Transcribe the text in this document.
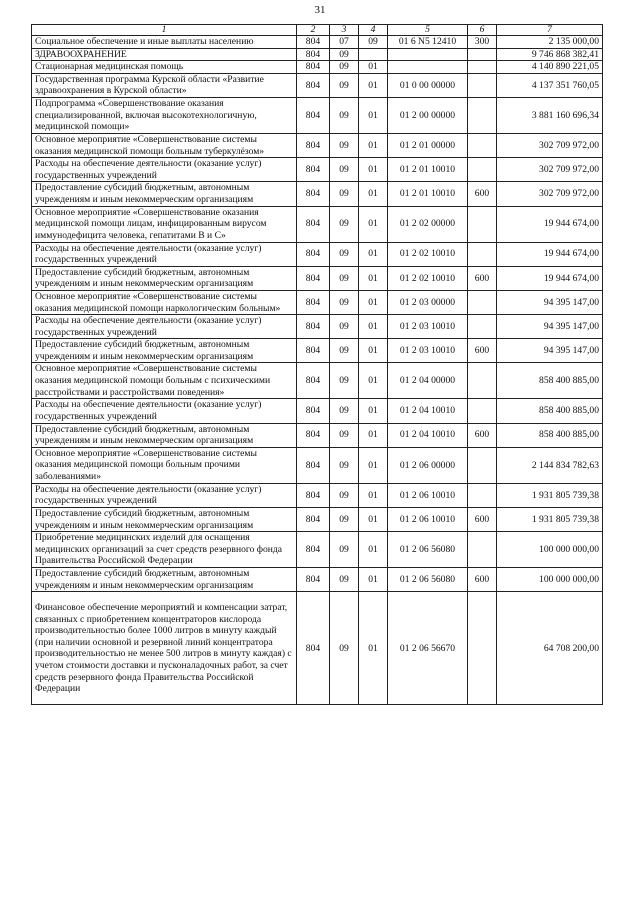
31
1	2	3	4	5	6	7
Социальное обеспечение и иные выплаты населению	804	07	09	01 6 N5 12410	300	2 135 000,00
ЗДРАВООХРАНЕНИЕ	804	09				9 746 868 382,41
Стационарная медицинская помощь	804	09	01			4 140 890 221,05
Государственная программа Курской области «Развитие здравоохранения в Курской области»	804	09	01	01 0 00 00000		4 137 351 760,05
Подпрограмма «Совершенствование оказания специализированной, включая высокотехнологичную, медицинской помощи»	804	09	01	01 2 00 00000		3 881 160 696,34
Основное мероприятие «Совершенствование системы оказания медицинской помощи больным туберкулёзом»	804	09	01	01 2 01 00000		302 709 972,00
Расходы на обеспечение деятельности (оказание услуг) государственных учреждений	804	09	01	01 2 01 10010		302 709 972,00
Предоставление субсидий бюджетным, автономным учреждениям и иным некоммерческим организациям	804	09	01	01 2 01 10010	600	302 709 972,00
Основное мероприятие «Совершенствование оказания медицинской помощи лицам, инфицированным вирусом иммунодефицита человека, гепатитами В и С»	804	09	01	01 2 02 00000		19 944 674,00
Расходы на обеспечение деятельности (оказание услуг) государственных учреждений	804	09	01	01 2 02 10010		19 944 674,00
Предоставление субсидий бюджетным, автономным учреждениям и иным некоммерческим организациям	804	09	01	01 2 02 10010	600	19 944 674,00
Основное мероприятие «Совершенствование системы оказания медицинской помощи наркологическим больным»	804	09	01	01 2 03 00000		94 395 147,00
Расходы на обеспечение деятельности (оказание услуг) государственных учреждений	804	09	01	01 2 03 10010		94 395 147,00
Предоставление субсидий бюджетным, автономным учреждениям и иным некоммерческим организациям	804	09	01	01 2 03 10010	600	94 395 147,00
Основное мероприятие «Совершенствование системы оказания медицинской помощи больным с психическими расстройствами и расстройствами поведения»	804	09	01	01 2 04 00000		858 400 885,00
Расходы на обеспечение деятельности (оказание услуг) государственных учреждений	804	09	01	01 2 04 10010		858 400 885,00
Предоставление субсидий бюджетным, автономным учреждениям и иным некоммерческим организациям	804	09	01	01 2 04 10010	600	858 400 885,00
Основное мероприятие «Совершенствование системы оказания медицинской помощи больным прочими заболеваниями»	804	09	01	01 2 06 00000		2 144 834 782,63
Расходы на обеспечение деятельности (оказание услуг) государственных учреждений	804	09	01	01 2 06 10010		1 931 805 739,38
Предоставление субсидий бюджетным, автономным учреждениям и иным некоммерческим организациям	804	09	01	01 2 06 10010	600	1 931 805 739,38
Приобретение медицинских изделий для оснащения медицинских организаций за счет средств резервного фонда Правительства Российской Федерации	804	09	01	01 2 06 56080		100 000 000,00
Предоставление субсидий бюджетным, автономным учреждениям и иным некоммерческим организациям	804	09	01	01 2 06 56080	600	100 000 000,00
Финансовое обеспечение мероприятий и компенсации затрат, связанных с приобретением концентраторов кислорода производительностью более 1000 литров в минуту каждый (при наличии основной и резервной линий концентратора производительностью не менее 500 литров в минуту каждая) с учетом стоимости доставки и пусконаладочных работ, за счет средств резервного фонда Правительства Российской Федерации	804	09	01	01 2 06 56670		64 708 200,00
